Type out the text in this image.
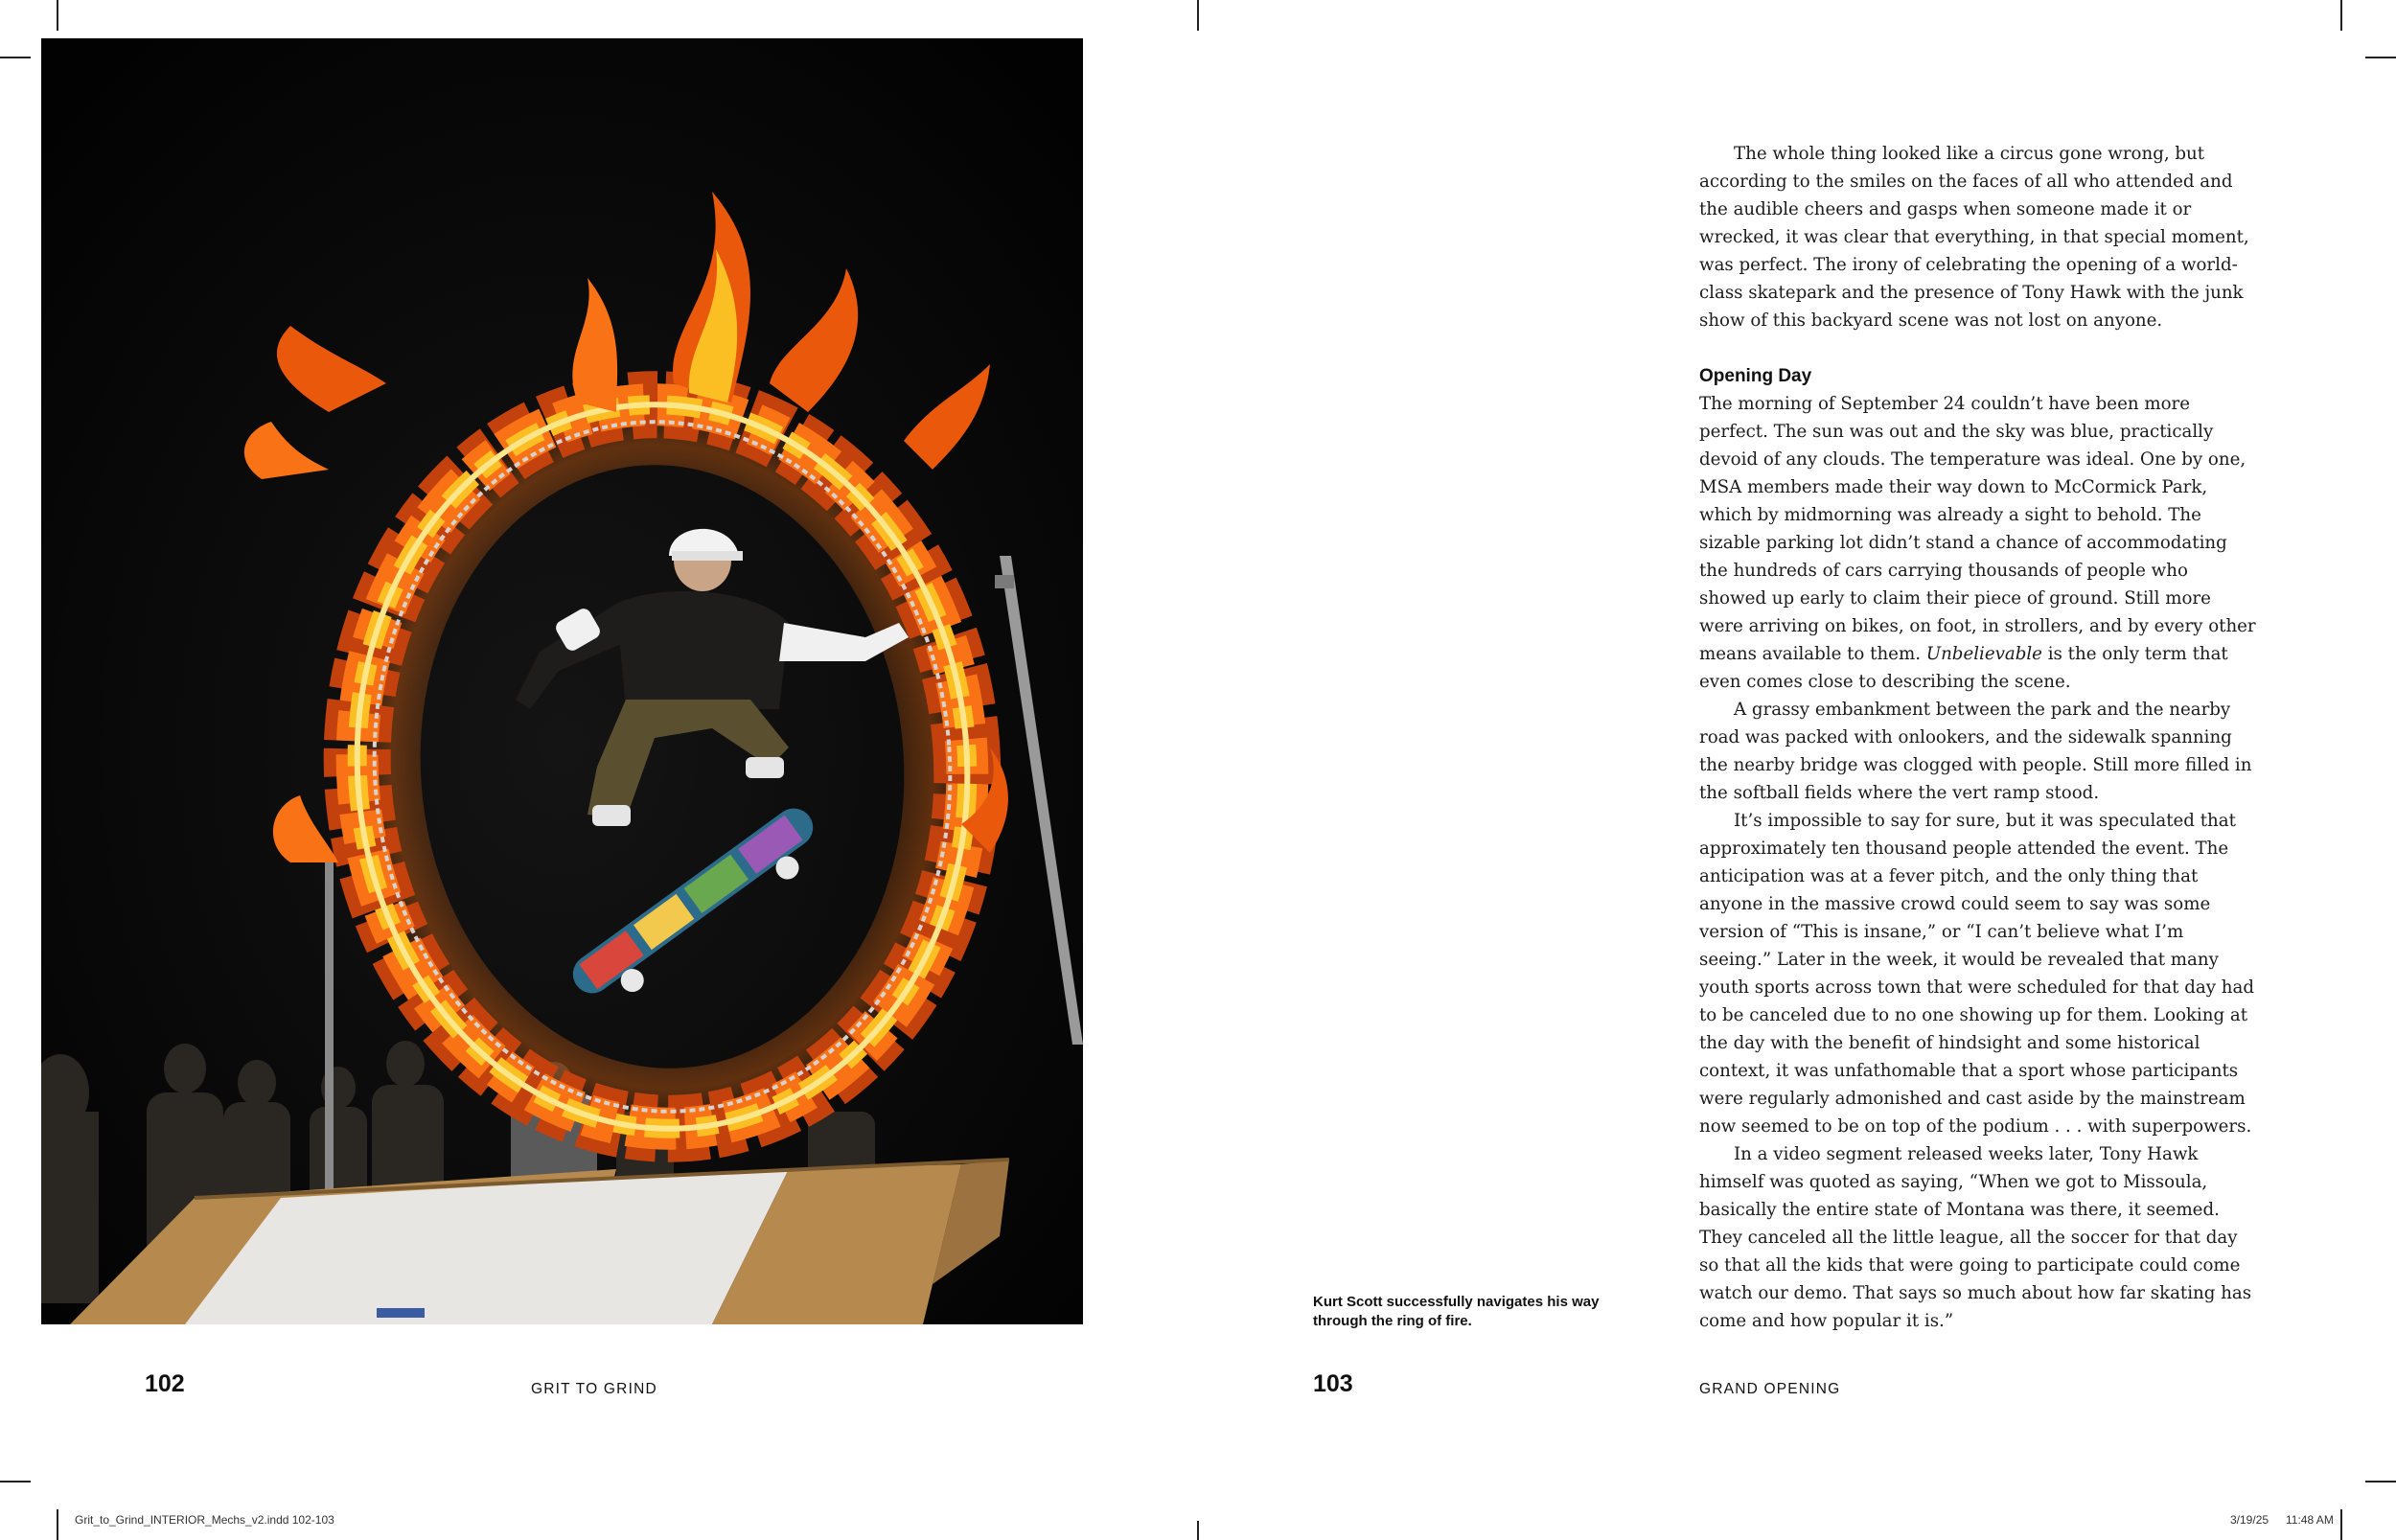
102	GRIT TO GRIND	103	GRAND OPENING
Kurt Scott successfully navigates his way through the ring of fire.

The whole thing looked like a circus gone wrong, but according to the smiles on the faces of all who attended and the audible cheers and gasps when someone made it or wrecked, it was clear that everything, in that special moment, was perfect. The irony of celebrating the opening of a world-class skatepark and the presence of Tony Hawk with the junk show of this backyard scene was not lost on anyone.

Opening Day

The morning of September 24 couldn’t have been more perfect. The sun was out and the sky was blue, practically devoid of any clouds. The temperature was ideal. One by one, MSA members made their way down to McCormick Park, which by midmorning was already a sight to behold. The sizable parking lot didn’t stand a chance of accommodating the hundreds of cars carrying thousands of people who showed up early to claim their piece of ground. Still more were arriving on bikes, on foot, in strollers, and by every other means available to them. Unbelievable is the only term that even comes close to describing the scene.

A grassy embankment between the park and the nearby road was packed with onlookers, and the sidewalk spanning the nearby bridge was clogged with people. Still more filled in the softball fields where the vert ramp stood.

It’s impossible to say for sure, but it was speculated that approximately ten thousand people attended the event. The anticipation was at a fever pitch, and the only thing that anyone in the massive crowd could seem to say was some version of “This is insane,” or “I can’t believe what I’m seeing.” Later in the week, it would be revealed that many youth sports across town that were scheduled for that day had to be canceled due to no one showing up for them. Looking at the day with the benefit of hindsight and some historical context, it was unfathomable that a sport whose participants were regularly admonished and cast aside by the mainstream now seemed to be on top of the podium . . . with superpowers.

In a video segment released weeks later, Tony Hawk himself was quoted as saying, “When we got to Missoula, basically the entire state of Montana was there, it seemed. They canceled all the little league, all the soccer for that day so that all the kids that were going to participate could come watch our demo. That says so much about how far skating has come and how popular it is.”

Grit_to_Grind_INTERIOR_Mechs_v2.indd 102-103	3/19/25 11:48 AM
